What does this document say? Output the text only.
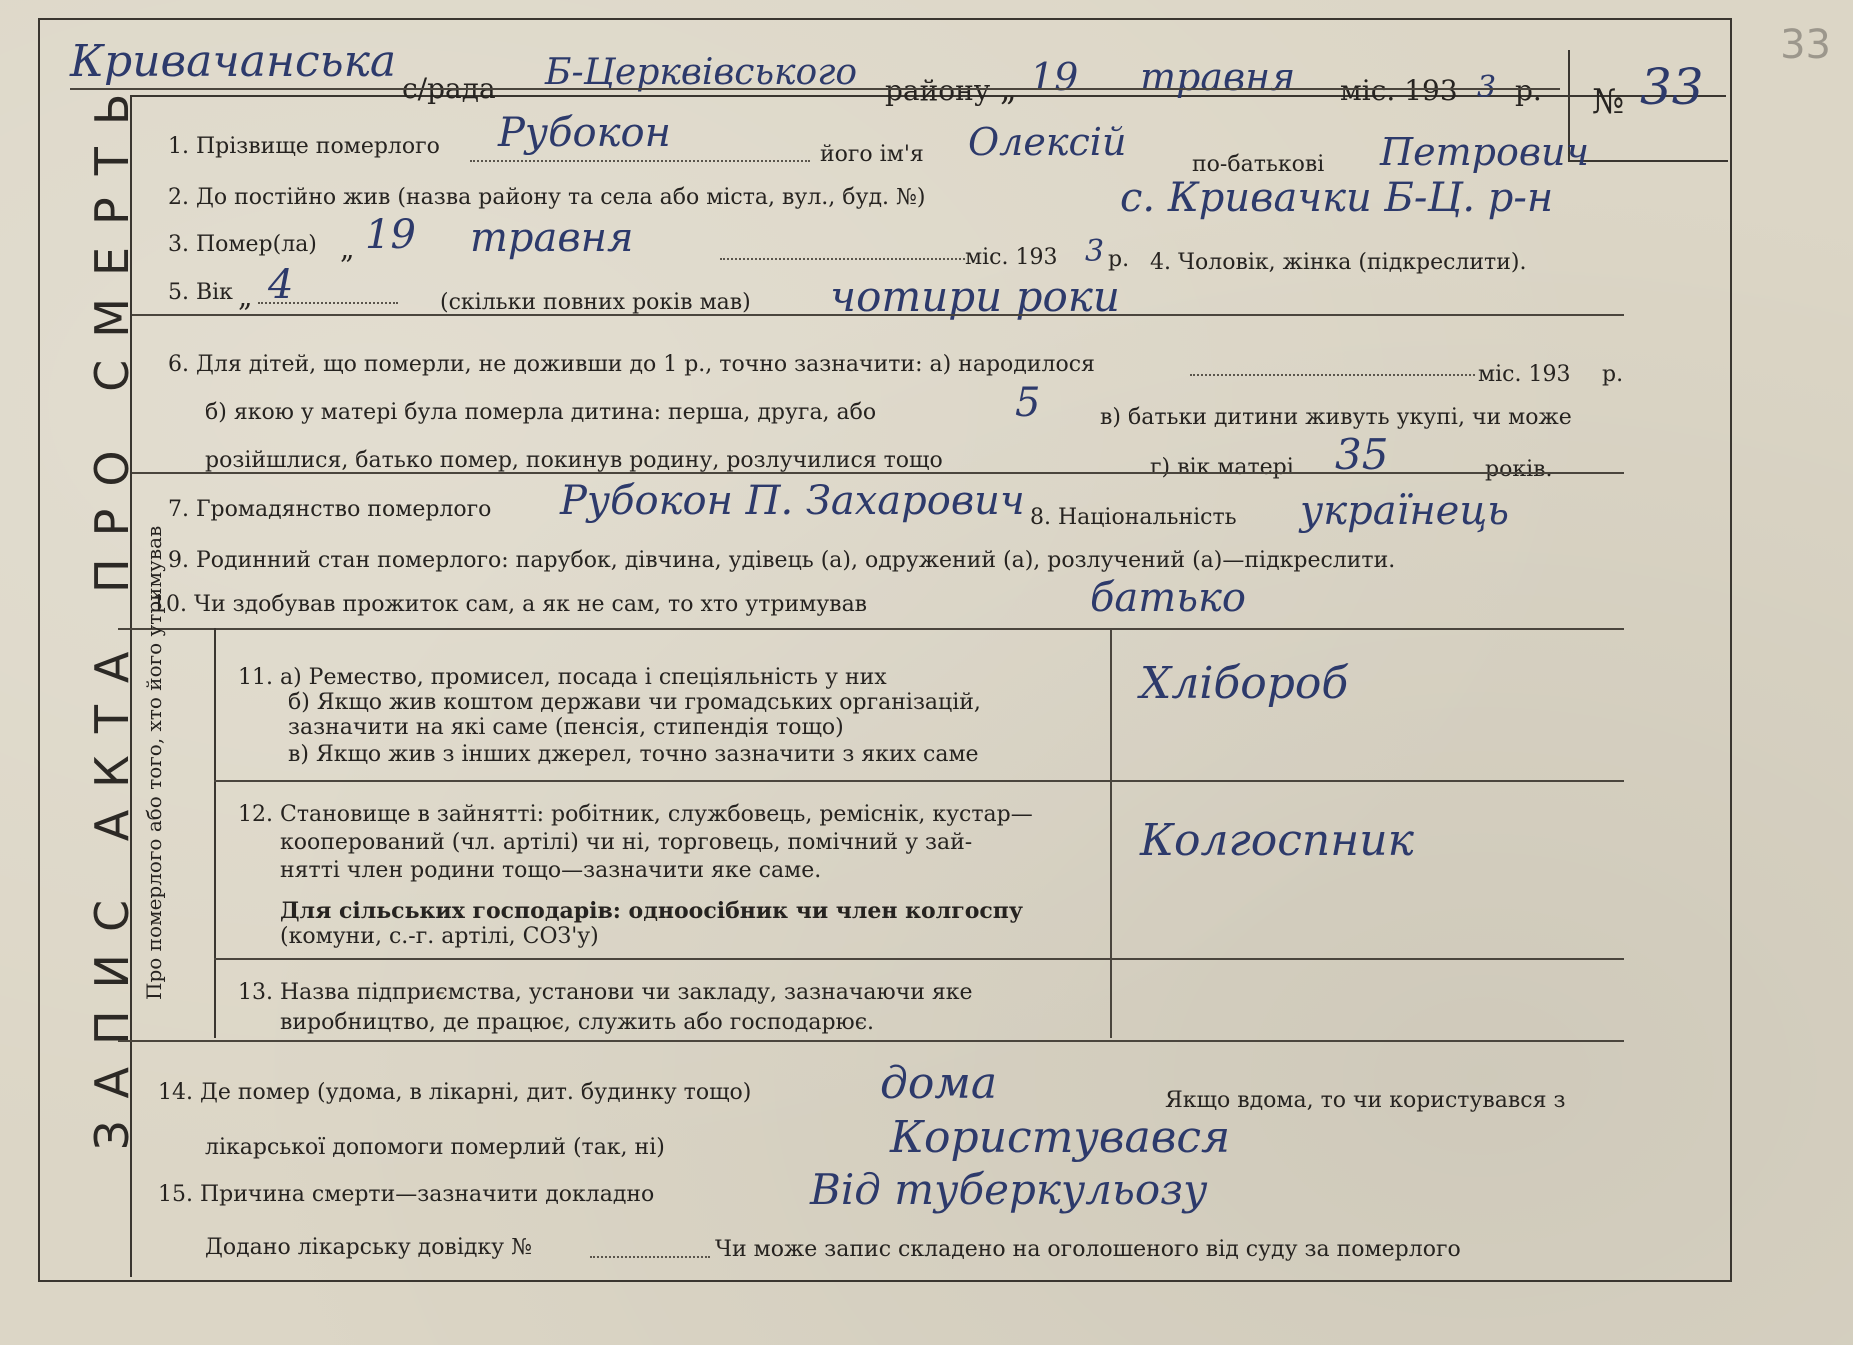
33
ЗАПИС АКТА ПРО СМЕРТЬ	№ 33
Кривачанська
с/рада Б-Церквівського району „ 19 травня міс. 193 3 р.
1. Прізвище померлого Рубокон	його ім'я Олексій
по-батькові Петрович
2. До постійно жив (назва району та села або міста, вул., буд. №)	с. Кривачки Б-Ц. р-н
3. Помер(ла) „ 19 травня	міс. 193 3 р. 4. Чоловік, жінка (підкреслити).
5. Вік „ 4	(скільки повних років мав) чотири роки
6. Для дітей, що померли, не доживши до 1 р., точно зазначити: а) народилося	міс. 193 р.
б) якою у матері була померла дитина: перша, друга, або	5	в) батьки дитини живуть укупі, чи може
розійшлися, батько помер, покинув родину, розлучилися тощо	г) вік матері 35	років.
7. Громадянство померлого Рубокон П. Захарович 8. Національність українець
9. Родинний стан померлого: парубок, дівчина, удівець (а), одружений (а), розлучений (а)—підкреслити.
10. Чи здобував прожиток сам, а як не сам, то хто утримував	батько
Про померлого або того, хто його утримував	11. а) Ремество, промисел, посада і спеціяльність у них
б) Якщо жив коштом держави чи громадських організацій,
зазначити на які саме (пенсія, стипендія тощо)
в) Якщо жив з інших джерел, точно зазначити з яких саме
Хлібороб
12. Становище в зайнятті: робітник, службовець, реміснік, кустар—
кооперований (чл. артілі) чи ні, торговець, помічний у зай-
нятті член родини тощо—зазначити яке саме.
Для сільських господарів: одноосібник чи член колгоспу
(комуни, с.-г. артілі, СОЗ'у)
Колгоспник
13. Назва підприємства, установи чи закладу, зазначаючи яке
виробництво, де працює, служить або господарює.
14. Де помер (удома, в лікарні, дит. будинку тощо)	дома	Якщо вдома, то чи користувався з
лікарської допомоги померлий (так, ні)	Користувався
15. Причина смерти—зазначити докладно	Від туберкульозу
Додано лікарську довідку №	Чи може запис складено на оголошеного від суду за померлого
